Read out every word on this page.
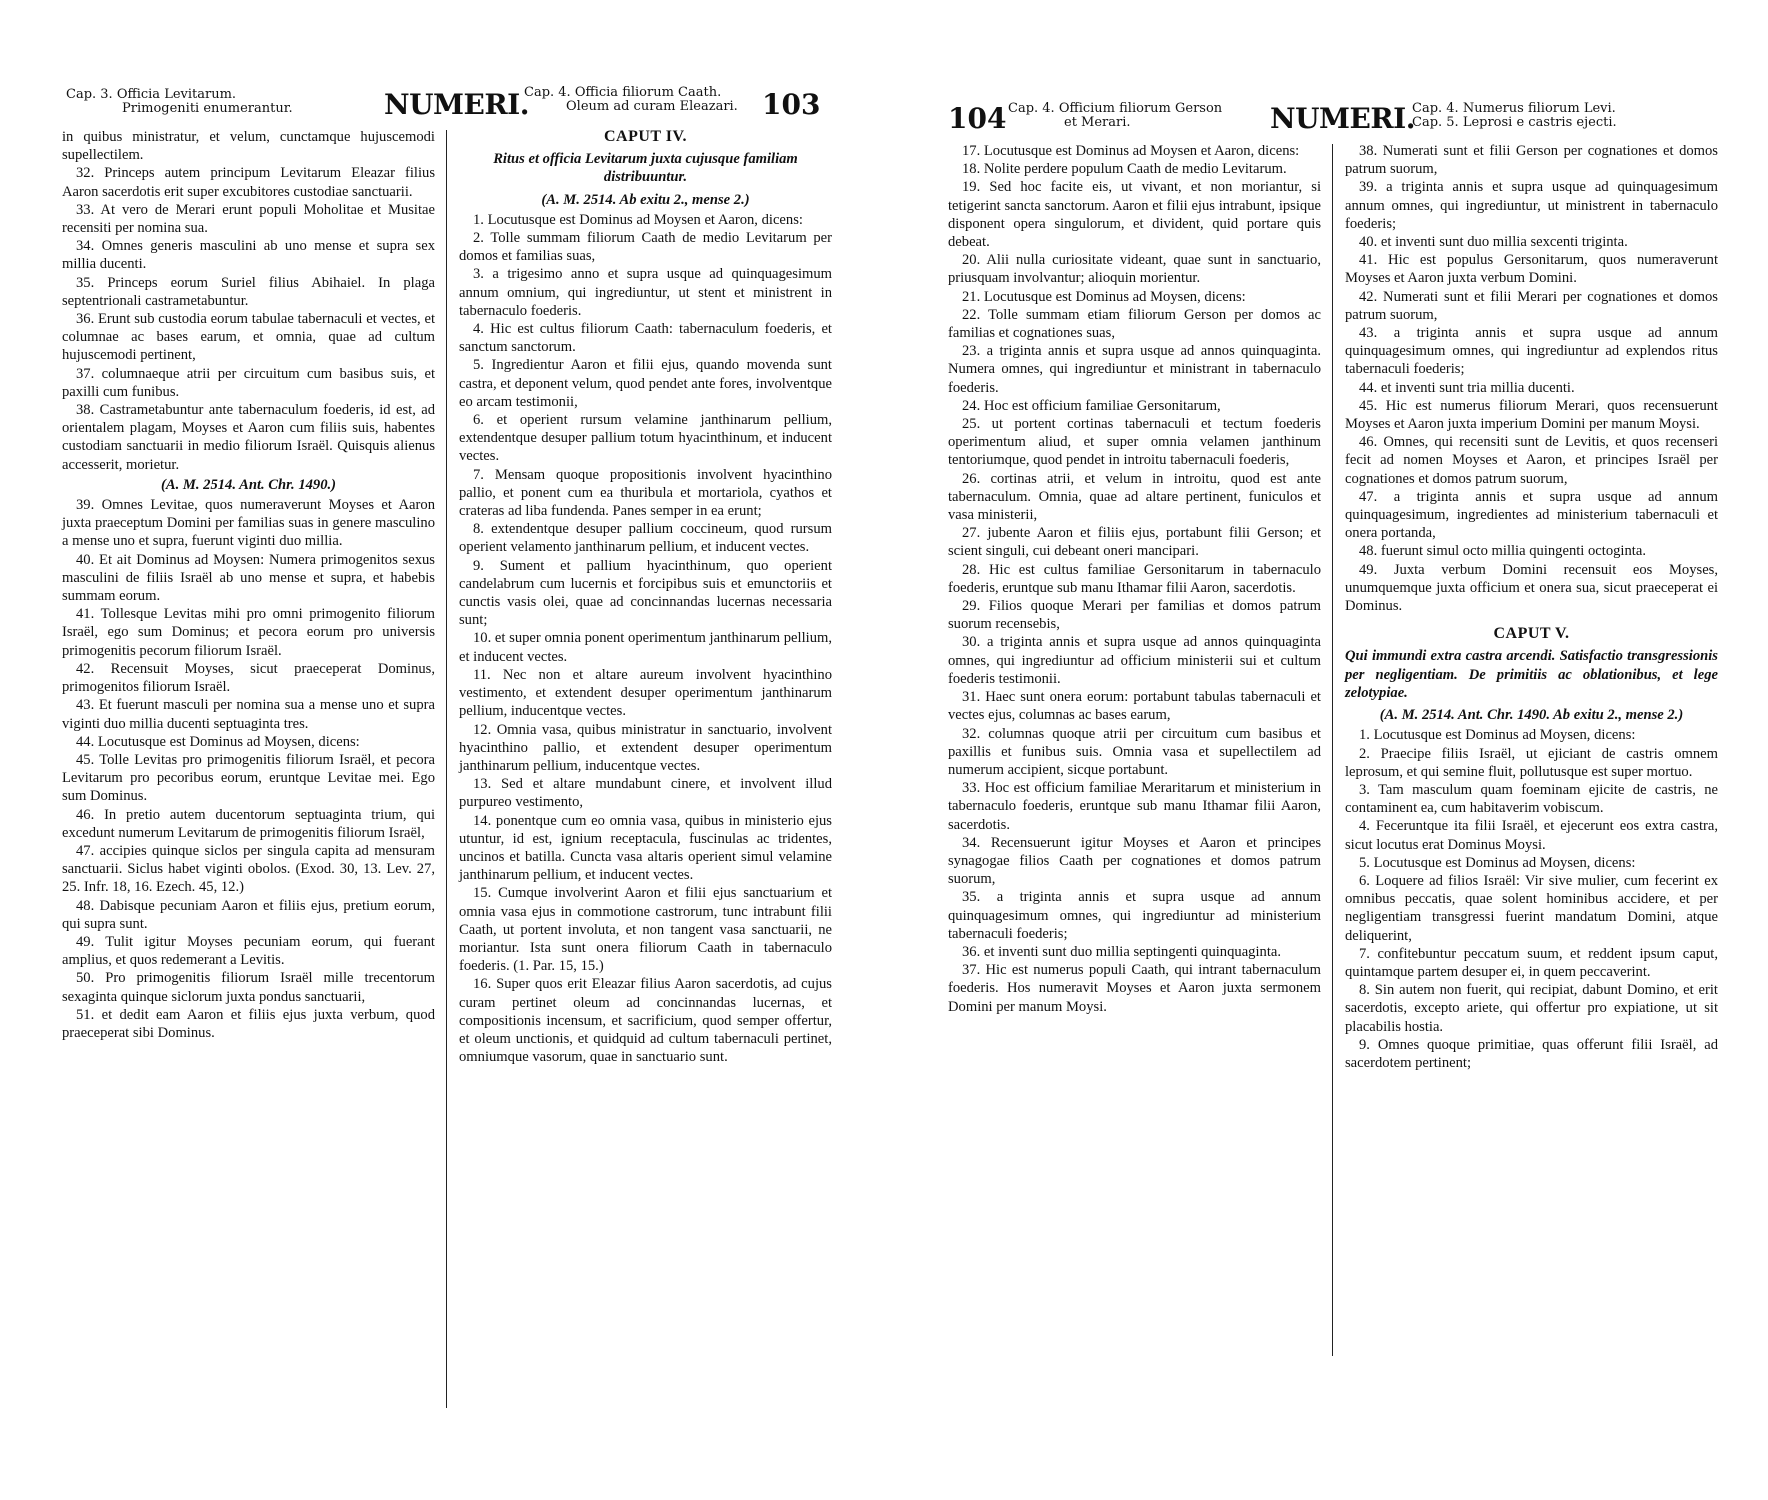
Cap. 3. Officia Levitarum.
Primogeniti enumerantur.	NUMERI.
Cap. 4. Officia filiorum Caath.
Oleum ad curam Eleazari. 103

in quibus ministratur, et velum, cunctamque hujuscemodi supellectilem.

32. Princeps autem principum Levitarum Eleazar filius Aaron sacerdotis erit super excubitores custodiae sanctuarii.

33. At vero de Merari erunt populi Moholitae et Musitae recensiti per nomina sua.

34. Omnes generis masculini ab uno mense et supra sex millia ducenti.

35. Princeps eorum Suriel filius Abihaiel. In plaga septentrionali castrametabuntur.

36. Erunt sub custodia eorum tabulae tabernaculi et vectes, et columnae ac bases earum, et omnia, quae ad cultum hujuscemodi pertinent,

37. columnaeque atrii per circuitum cum basibus suis, et paxilli cum funibus.

38. Castrametabuntur ante tabernaculum foederis, id est, ad orientalem plagam, Moyses et Aaron cum filiis suis, habentes custodiam sanctuarii in medio filiorum Israël. Quisquis alienus accesserit, morietur.

(A. M. 2514. Ant. Chr. 1490.)

39. Omnes Levitae, quos numeraverunt Moyses et Aaron juxta praeceptum Domini per familias suas in genere masculino a mense uno et supra, fuerunt viginti duo millia.

40. Et ait Dominus ad Moysen: Numera primogenitos sexus masculini de filiis Israël ab uno mense et supra, et habebis summam eorum.

41. Tollesque Levitas mihi pro omni primogenito filiorum Israël, ego sum Dominus; et pecora eorum pro universis primogenitis pecorum filiorum Israël.

42. Recensuit Moyses, sicut praeceperat Dominus, primogenitos filiorum Israël.

43. Et fuerunt masculi per nomina sua a mense uno et supra viginti duo millia ducenti septuaginta tres.

44. Locutusque est Dominus ad Moysen, dicens:

45. Tolle Levitas pro primogenitis filiorum Israël, et pecora Levitarum pro pecoribus eorum, eruntque Levitae mei. Ego sum Dominus.

46. In pretio autem ducentorum septuaginta trium, qui excedunt numerum Levitarum de primogenitis filiorum Israël,

47. accipies quinque siclos per singula capita ad mensuram sanctuarii. Siclus habet viginti obolos. (Exod. 30, 13. Lev. 27, 25. Infr. 18, 16. Ezech. 45, 12.)

48. Dabisque pecuniam Aaron et filiis ejus, pretium eorum, qui supra sunt.

49. Tulit igitur Moyses pecuniam eorum, qui fuerant amplius, et quos redemerant a Levitis.

50. Pro primogenitis filiorum Israël mille trecentorum sexaginta quinque siclorum juxta pondus sanctuarii,

51. et dedit eam Aaron et filiis ejus juxta verbum, quod praeceperat sibi Dominus.

CAPUT IV.

Ritus et officia Levitarum juxta cujusque familiam distribuuntur.

(A. M. 2514. Ab exitu 2., mense 2.)

1. Locutusque est Dominus ad Moysen et Aaron, dicens:

2. Tolle summam filiorum Caath de medio Levitarum per domos et familias suas,

3. a trigesimo anno et supra usque ad quinquagesimum annum omnium, qui ingrediuntur, ut stent et ministrent in tabernaculo foederis.

4. Hic est cultus filiorum Caath: tabernaculum foederis, et sanctum sanctorum.

5. Ingredientur Aaron et filii ejus, quando movenda sunt castra, et deponent velum, quod pendet ante fores, involventque eo arcam testimonii,

6. et operient rursum velamine janthinarum pellium, extendentque desuper pallium totum hyacinthinum, et inducent vectes.

7. Mensam quoque propositionis involvent hyacinthino pallio, et ponent cum ea thuribula et mortariola, cyathos et crateras ad liba fundenda. Panes semper in ea erunt;

8. extendentque desuper pallium coccineum, quod rursum operient velamento janthinarum pellium, et inducent vectes.

9. Sument et pallium hyacinthinum, quo operient candelabrum cum lucernis et forcipibus suis et emunctoriis et cunctis vasis olei, quae ad concinnandas lucernas necessaria sunt;

10. et super omnia ponent operimentum janthinarum pellium, et inducent vectes.

11. Nec non et altare aureum involvent hyacinthino vestimento, et extendent desuper operimentum janthinarum pellium, inducentque vectes.

12. Omnia vasa, quibus ministratur in sanctuario, involvent hyacinthino pallio, et extendent desuper operimentum janthinarum pellium, inducentque vectes.

13. Sed et altare mundabunt cinere, et involvent illud purpureo vestimento,

14. ponentque cum eo omnia vasa, quibus in ministerio ejus utuntur, id est, ignium receptacula, fuscinulas ac tridentes, uncinos et batilla. Cuncta vasa altaris operient simul velamine janthinarum pellium, et inducent vectes.

15. Cumque involverint Aaron et filii ejus sanctuarium et omnia vasa ejus in commotione castrorum, tunc intrabunt filii Caath, ut portent involuta, et non tangent vasa sanctuarii, ne moriantur. Ista sunt onera filiorum Caath in tabernaculo foederis. (1. Par. 15, 15.)

16. Super quos erit Eleazar filius Aaron sacerdotis, ad cujus curam pertinet oleum ad concinnandas lucernas, et compositionis incensum, et sacrificium, quod semper offertur, et oleum unctionis, et quidquid ad cultum tabernaculi pertinet, omniumque vasorum, quae in sanctuario sunt.

104 Cap. 4. Officium filiorum Gerson
et Merari.	NUMERI.
Cap. 4. Numerus filiorum Levi.
Cap. 5. Leprosi e castris ejecti.

17. Locutusque est Dominus ad Moysen et Aaron, dicens:

18. Nolite perdere populum Caath de medio Levitarum.

19. Sed hoc facite eis, ut vivant, et non moriantur, si tetigerint sancta sanctorum. Aaron et filii ejus intrabunt, ipsique disponent opera singulorum, et divident, quid portare quis debeat.

20. Alii nulla curiositate videant, quae sunt in sanctuario, priusquam involvantur; alioquin morientur.

21. Locutusque est Dominus ad Moysen, dicens:

22. Tolle summam etiam filiorum Gerson per domos ac familias et cognationes suas,

23. a triginta annis et supra usque ad annos quinquaginta. Numera omnes, qui ingrediuntur et ministrant in tabernaculo foederis.

24. Hoc est officium familiae Gersonitarum,

25. ut portent cortinas tabernaculi et tectum foederis operimentum aliud, et super omnia velamen janthinum tentoriumque, quod pendet in introitu tabernaculi foederis,

26. cortinas atrii, et velum in introitu, quod est ante tabernaculum. Omnia, quae ad altare pertinent, funiculos et vasa ministerii,

27. jubente Aaron et filiis ejus, portabunt filii Gerson; et scient singuli, cui debeant oneri mancipari.

28. Hic est cultus familiae Gersonitarum in tabernaculo foederis, eruntque sub manu Ithamar filii Aaron, sacerdotis.

29. Filios quoque Merari per familias et domos patrum suorum recensebis,

30. a triginta annis et supra usque ad annos quinquaginta omnes, qui ingrediuntur ad officium ministerii sui et cultum foederis testimonii.

31. Haec sunt onera eorum: portabunt tabulas tabernaculi et vectes ejus, columnas ac bases earum,

32. columnas quoque atrii per circuitum cum basibus et paxillis et funibus suis. Omnia vasa et supellectilem ad numerum accipient, sicque portabunt.

33. Hoc est officium familiae Meraritarum et ministerium in tabernaculo foederis, eruntque sub manu Ithamar filii Aaron, sacerdotis.

34. Recensuerunt igitur Moyses et Aaron et principes synagogae filios Caath per cognationes et domos patrum suorum,

35. a triginta annis et supra usque ad annum quinquagesimum omnes, qui ingrediuntur ad ministerium tabernaculi foederis;

36. et inventi sunt duo millia septingenti quinquaginta.

37. Hic est numerus populi Caath, qui intrant tabernaculum foederis. Hos numeravit Moyses et Aaron juxta sermonem Domini per manum Moysi.

38. Numerati sunt et filii Gerson per cognationes et domos patrum suorum,

39. a triginta annis et supra usque ad quinquagesimum annum omnes, qui ingrediuntur, ut ministrent in tabernaculo foederis;

40. et inventi sunt duo millia sexcenti triginta.

41. Hic est populus Gersonitarum, quos numeraverunt Moyses et Aaron juxta verbum Domini.

42. Numerati sunt et filii Merari per cognationes et domos patrum suorum,

43. a triginta annis et supra usque ad annum quinquagesimum omnes, qui ingrediuntur ad explendos ritus tabernaculi foederis;

44. et inventi sunt tria millia ducenti.

45. Hic est numerus filiorum Merari, quos recensuerunt Moyses et Aaron juxta imperium Domini per manum Moysi.

46. Omnes, qui recensiti sunt de Levitis, et quos recenseri fecit ad nomen Moyses et Aaron, et principes Israël per cognationes et domos patrum suorum,

47. a triginta annis et supra usque ad annum quinquagesimum, ingredientes ad ministerium tabernaculi et onera portanda,

48. fuerunt simul octo millia quingenti octoginta.

49. Juxta verbum Domini recensuit eos Moyses, unumquemque juxta officium et onera sua, sicut praeceperat ei Dominus.

CAPUT V.

Qui immundi extra castra arcendi. Satisfactio transgressionis per negligentiam. De primitiis ac oblationibus, et lege zelotypiae.

(A. M. 2514. Ant. Chr. 1490. Ab exitu 2., mense 2.)

1. Locutusque est Dominus ad Moysen, dicens:

2. Praecipe filiis Israël, ut ejiciant de castris omnem leprosum, et qui semine fluit, pollutusque est super mortuo.

3. Tam masculum quam foeminam ejicite de castris, ne contaminent ea, cum habitaverim vobiscum.

4. Feceruntque ita filii Israël, et ejecerunt eos extra castra, sicut locutus erat Dominus Moysi.

5. Locutusque est Dominus ad Moysen, dicens:

6. Loquere ad filios Israël: Vir sive mulier, cum fecerint ex omnibus peccatis, quae solent hominibus accidere, et per negligentiam transgressi fuerint mandatum Domini, atque deliquerint,

7. confitebuntur peccatum suum, et reddent ipsum caput, quintamque partem desuper ei, in quem peccaverint.

8. Sin autem non fuerit, qui recipiat, dabunt Domino, et erit sacerdotis, excepto ariete, qui offertur pro expiatione, ut sit placabilis hostia.

9. Omnes quoque primitiae, quas offerunt filii Israël, ad sacerdotem pertinent;
